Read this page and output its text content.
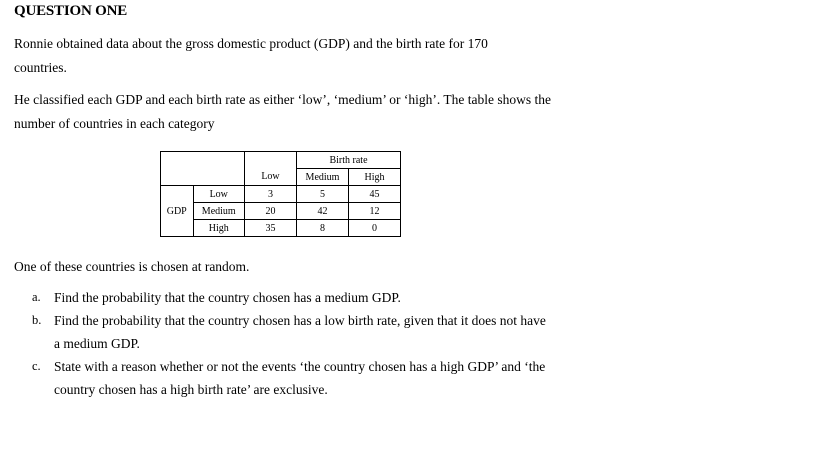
QUESTION ONE
Ronnie obtained data about the gross domestic product (GDP) and the birth rate for 170 countries.
He classified each GDP and each birth rate as either ‘low’, ‘medium’ or ‘high’. The table shows the number of countries in each category
			Birth rate	
		Low	Medium	High
	Low	3	5	45
GDP	Medium	20	42	12
	High	35	8	0
One of these countries is chosen at random.
a. Find the probability that the country chosen has a medium GDP.
b. Find the probability that the country chosen has a low birth rate, given that it does not have a medium GDP.
c. State with a reason whether or not the events ‘the country chosen has a high GDP’ and ‘the country chosen has a high birth rate’ are exclusive.
